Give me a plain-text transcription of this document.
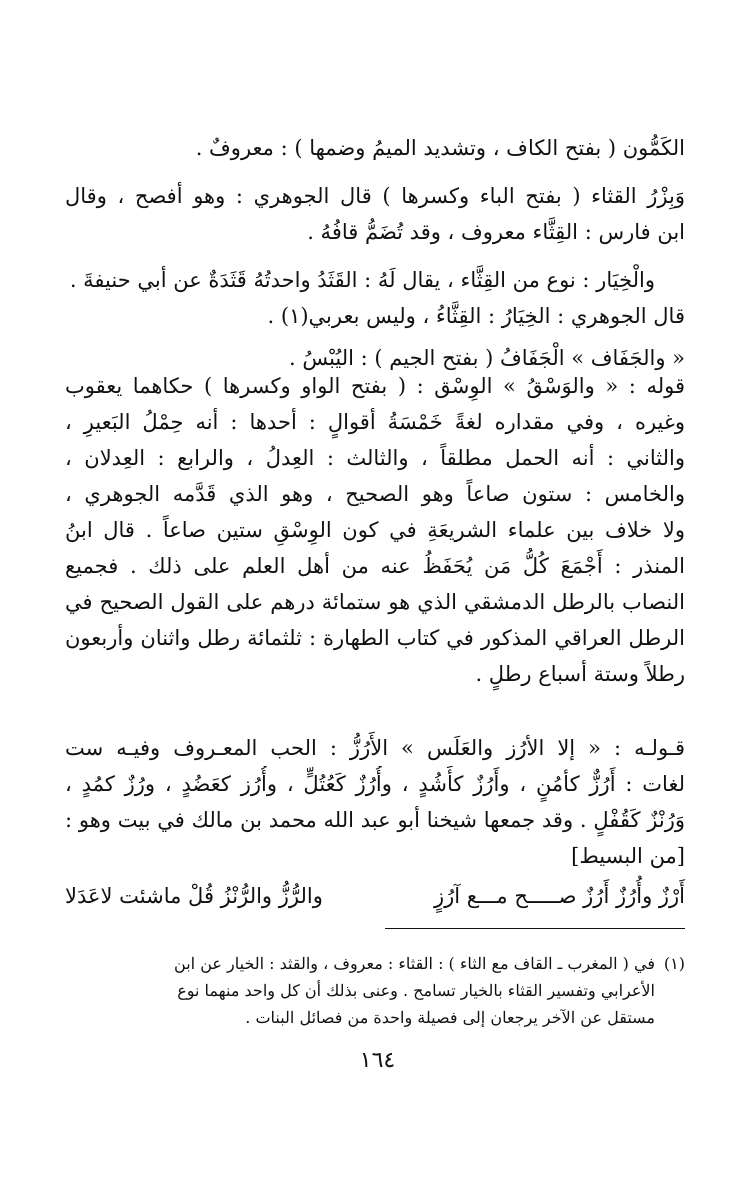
الكَمُّون ( بفتح الكاف ، وتشديد الميمُ وضمها ) : معروفٌ .
وَبِزْرُ القثاء ( بفتح الباء وكسرها ) قال الجوهري : وهو أفصح ، وقال
ابن فارس : القِثَّاء معروف ، وقد تُضَمُّ قافُهُ .
والْخِيَار : نوع من القِثَّاء ، يقال لَهُ : القَثَدُ واحدتُهُ قَثَدَةٌ عن أبي حنيفةَ .
قال الجوهري : الخِيَارُ : القِثَّاءُ ، وليس بعربي(١) .
« والجَفَاف » الْجَفَافُ ( بفتح الجيم ) : اليُبْسُ .
قوله : « والوَسْقُ » الوِسْق : ( بفتح الواو وكسرها ) حكاهما يعقوب
وغيره ، وفي مقداره لغةً خَمْسَةُ أقوالٍ : أحدها : أنه حِمْلُ البَعيرِ ،
والثاني : أنه الحمل مطلقاً ، والثالث : العِدلُ ، والرابع : العِدلان ،
والخامس : ستون صاعاً وهو الصحيح ، وهو الذي قَدَّمه الجوهري ،
ولا خلاف بين علماء الشريعَةِ في كون الوِسْقِ ستين صاعاً . قال ابنُ
المنذر : أَجْمَعَ كُلُّ مَن يُحَفَظُ عنه من أهل العلم على ذلك . فجميع
النصاب بالرطل الدمشقي الذي هو ستمائة درهم على القول الصحيح في
الرطل العراقي المذكور في كتاب الطهارة : ثلثمائة رطل واثنان وأربعون
رطلاً وستة أسباع رطلٍ .
قـولـه : « إلا الأرُز والعَلَس » الأَرُزُّ : الحب المعـروف وفيـه ست
لغات : أَرُزٌّ كأمُنٍ ، وأَرُزٌ كأَشُدٍ ، وأُرُزٌ كَعُتُلٍّ ، وأُرُز كعَضُدٍ ، ورُزٌ كمُدٍ ،
وَرُنْزٌ كَقُفْلٍ . وقد جمعها شيخنا أبو عبد الله محمد بن مالك في بيت وهو :
[من البسيط]
أَرْزٌ وأُرُزٌ أَرُزٌ صـــــح مـــع آرُزٍ
والرُّزُّ والرُّنْزُ قُلْ ماشئت لاعَدَلا
(١)في ( المغرب ـ القاف مع الثاء ) : القثاء : معروف ، والقثد : الخيار عن ابن
الأعرابي وتفسير القثاء بالخيار تسامح . وعنى بذلك أن كل واحد منهما نوع
مستقل عن الآخر يرجعان إلى فصيلة واحدة من فصائل البنات .
١٦٤
